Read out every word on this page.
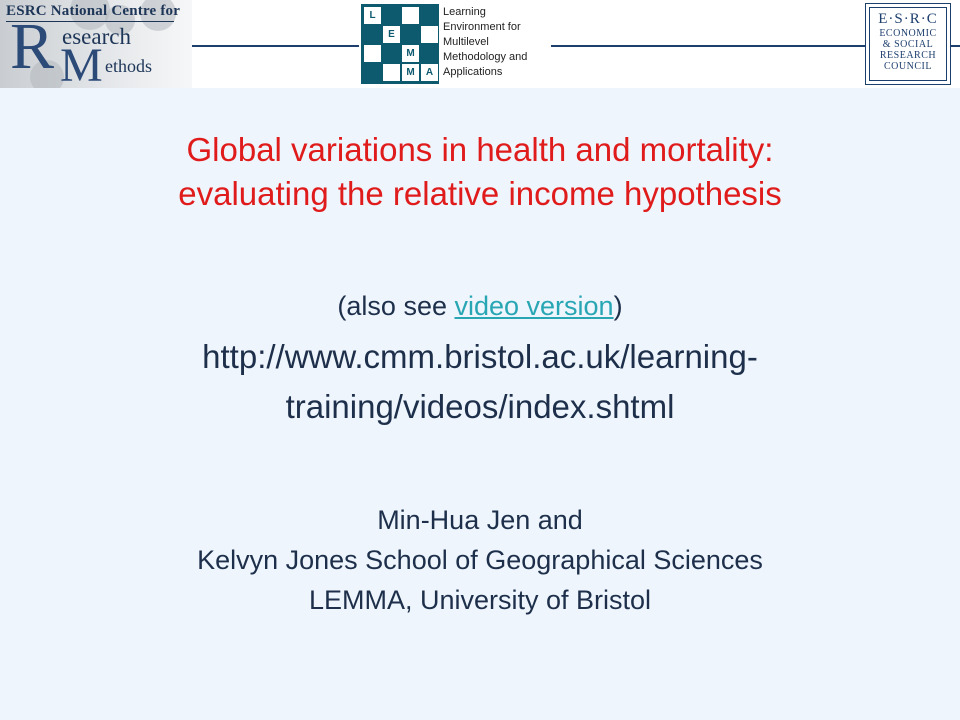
ESRC National Centre for
R esearch
M ethods
L
E
M
M	A
Learning
Environment for
Multilevel
Methodology and
Applications
E·S·R·C
ECONOMIC
& SOCIAL
RESEARCH
COUNCIL
Global variations in health and mortality:
evaluating the relative income hypothesis
(also see video version)
http://www.cmm.bristol.ac.uk/learning-
training/videos/index.shtml
Min-Hua Jen and
Kelvyn Jones School of Geographical Sciences
LEMMA, University of Bristol
